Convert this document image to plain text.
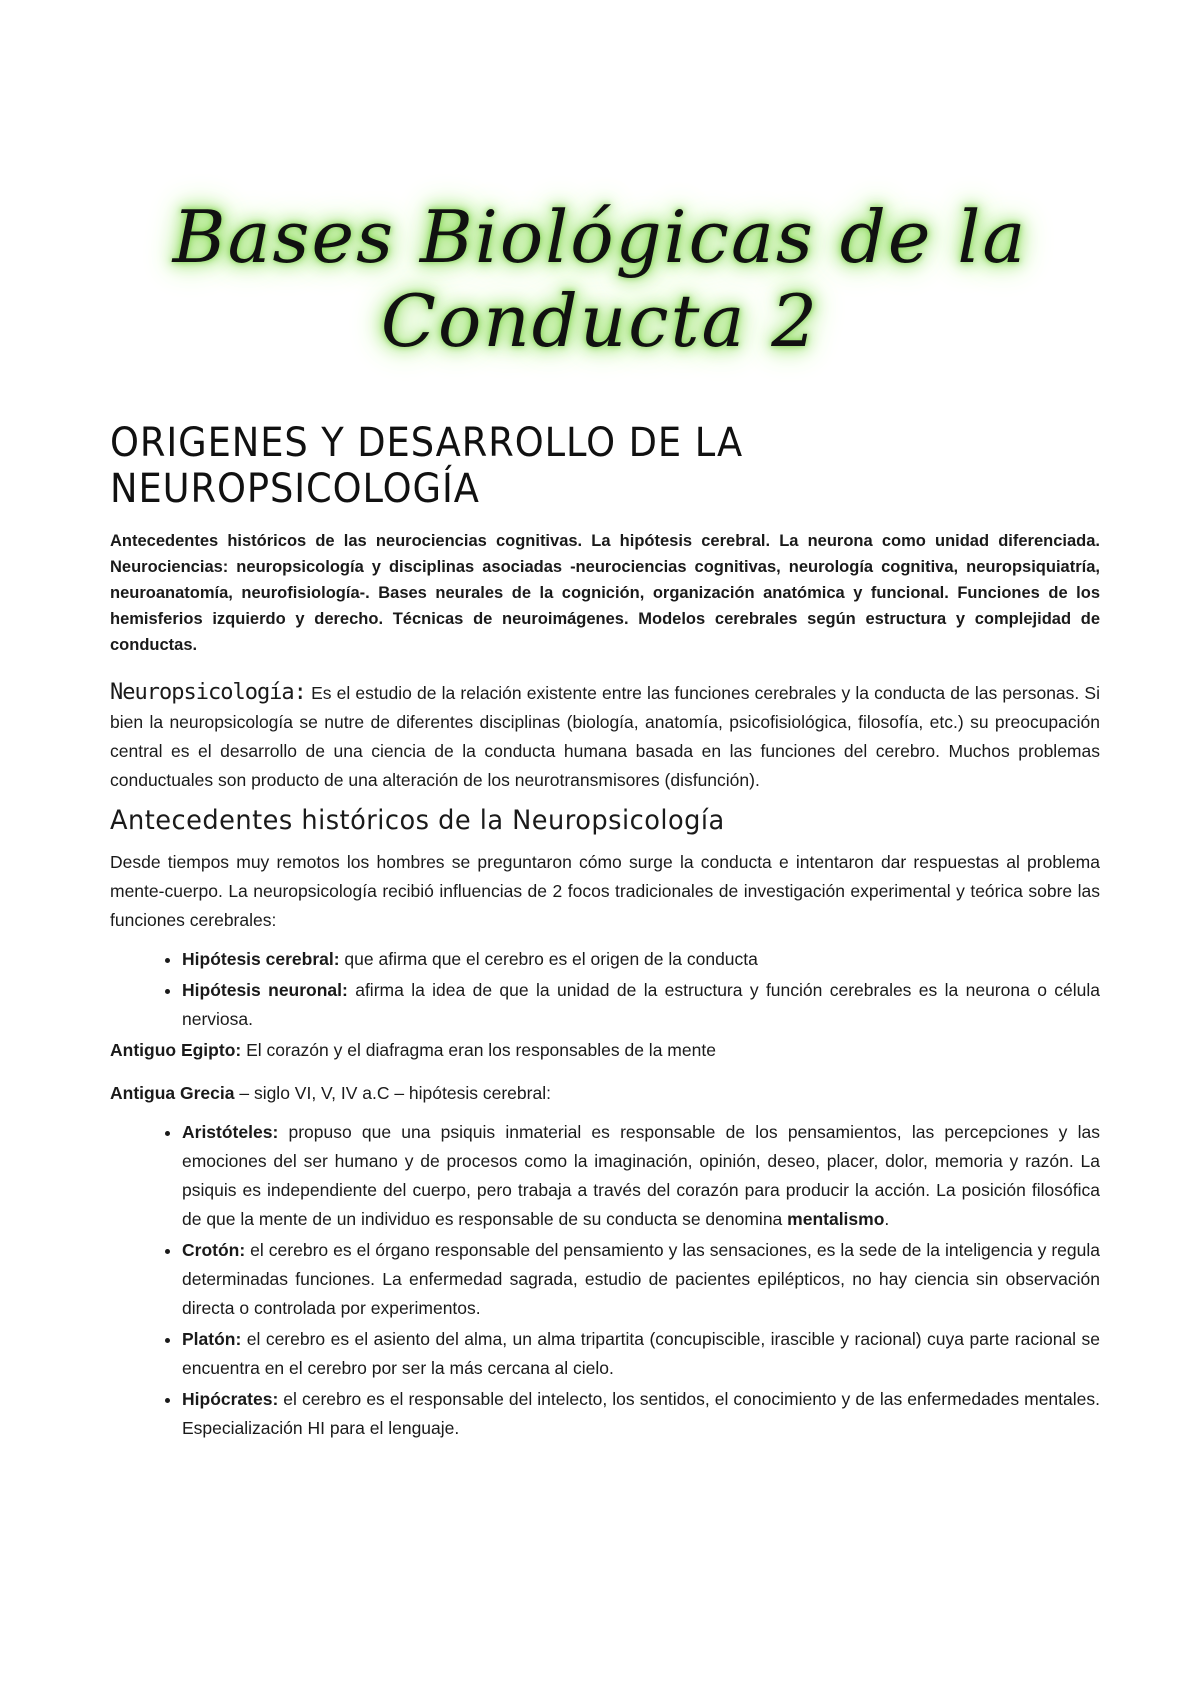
Bases Biológicas de la Conducta 2
ORIGENES Y DESARROLLO DE LA NEUROPSICOLOGÍA

Antecedentes históricos de las neurociencias cognitivas. La hipótesis cerebral. La neurona como unidad diferenciada. Neurociencias: neuropsicología y disciplinas asociadas -neurociencias cognitivas, neurología cognitiva, neuropsiquiatría, neuroanatomía, neurofisiología-. Bases neurales de la cognición, organización anatómica y funcional. Funciones de los hemisferios izquierdo y derecho. Técnicas de neuroimágenes. Modelos cerebrales según estructura y complejidad de conductas.

Neuropsicología: Es el estudio de la relación existente entre las funciones cerebrales y la conducta de las personas. Si bien la neuropsicología se nutre de diferentes disciplinas (biología, anatomía, psicofisiológica, filosofía, etc.) su preocupación central es el desarrollo de una ciencia de la conducta humana basada en las funciones del cerebro. Muchos problemas conductuales son producto de una alteración de los neurotransmisores (disfunción).

Antecedentes históricos de la Neuropsicología

Desde tiempos muy remotos los hombres se preguntaron cómo surge la conducta e intentaron dar respuestas al problema mente-cuerpo. La neuropsicología recibió influencias de 2 focos tradicionales de investigación experimental y teórica sobre las funciones cerebrales:

• Hipótesis cerebral: que afirma que el cerebro es el origen de la conducta
• Hipótesis neuronal: afirma la idea de que la unidad de la estructura y función cerebrales es la neurona o célula nerviosa.

Antiguo Egipto: El corazón y el diafragma eran los responsables de la mente

Antigua Grecia – siglo VI, V, IV a.C – hipótesis cerebral:

• Aristóteles: propuso que una psiquis inmaterial es responsable de los pensamientos, las percepciones y las emociones del ser humano y de procesos como la imaginación, opinión, deseo, placer, dolor, memoria y razón. La psiquis es independiente del cuerpo, pero trabaja a través del corazón para producir la acción. La posición filosófica de que la mente de un individuo es responsable de su conducta se denomina mentalismo.
• Crotón: el cerebro es el órgano responsable del pensamiento y las sensaciones, es la sede de la inteligencia y regula determinadas funciones. La enfermedad sagrada, estudio de pacientes epilépticos, no hay ciencia sin observación directa o controlada por experimentos.
• Platón: el cerebro es el asiento del alma, un alma tripartita (concupiscible, irascible y racional) cuya parte racional se encuentra en el cerebro por ser la más cercana al cielo.
• Hipócrates: el cerebro es el responsable del intelecto, los sentidos, el conocimiento y de las enfermedades mentales. Especialización HI para el lenguaje.
